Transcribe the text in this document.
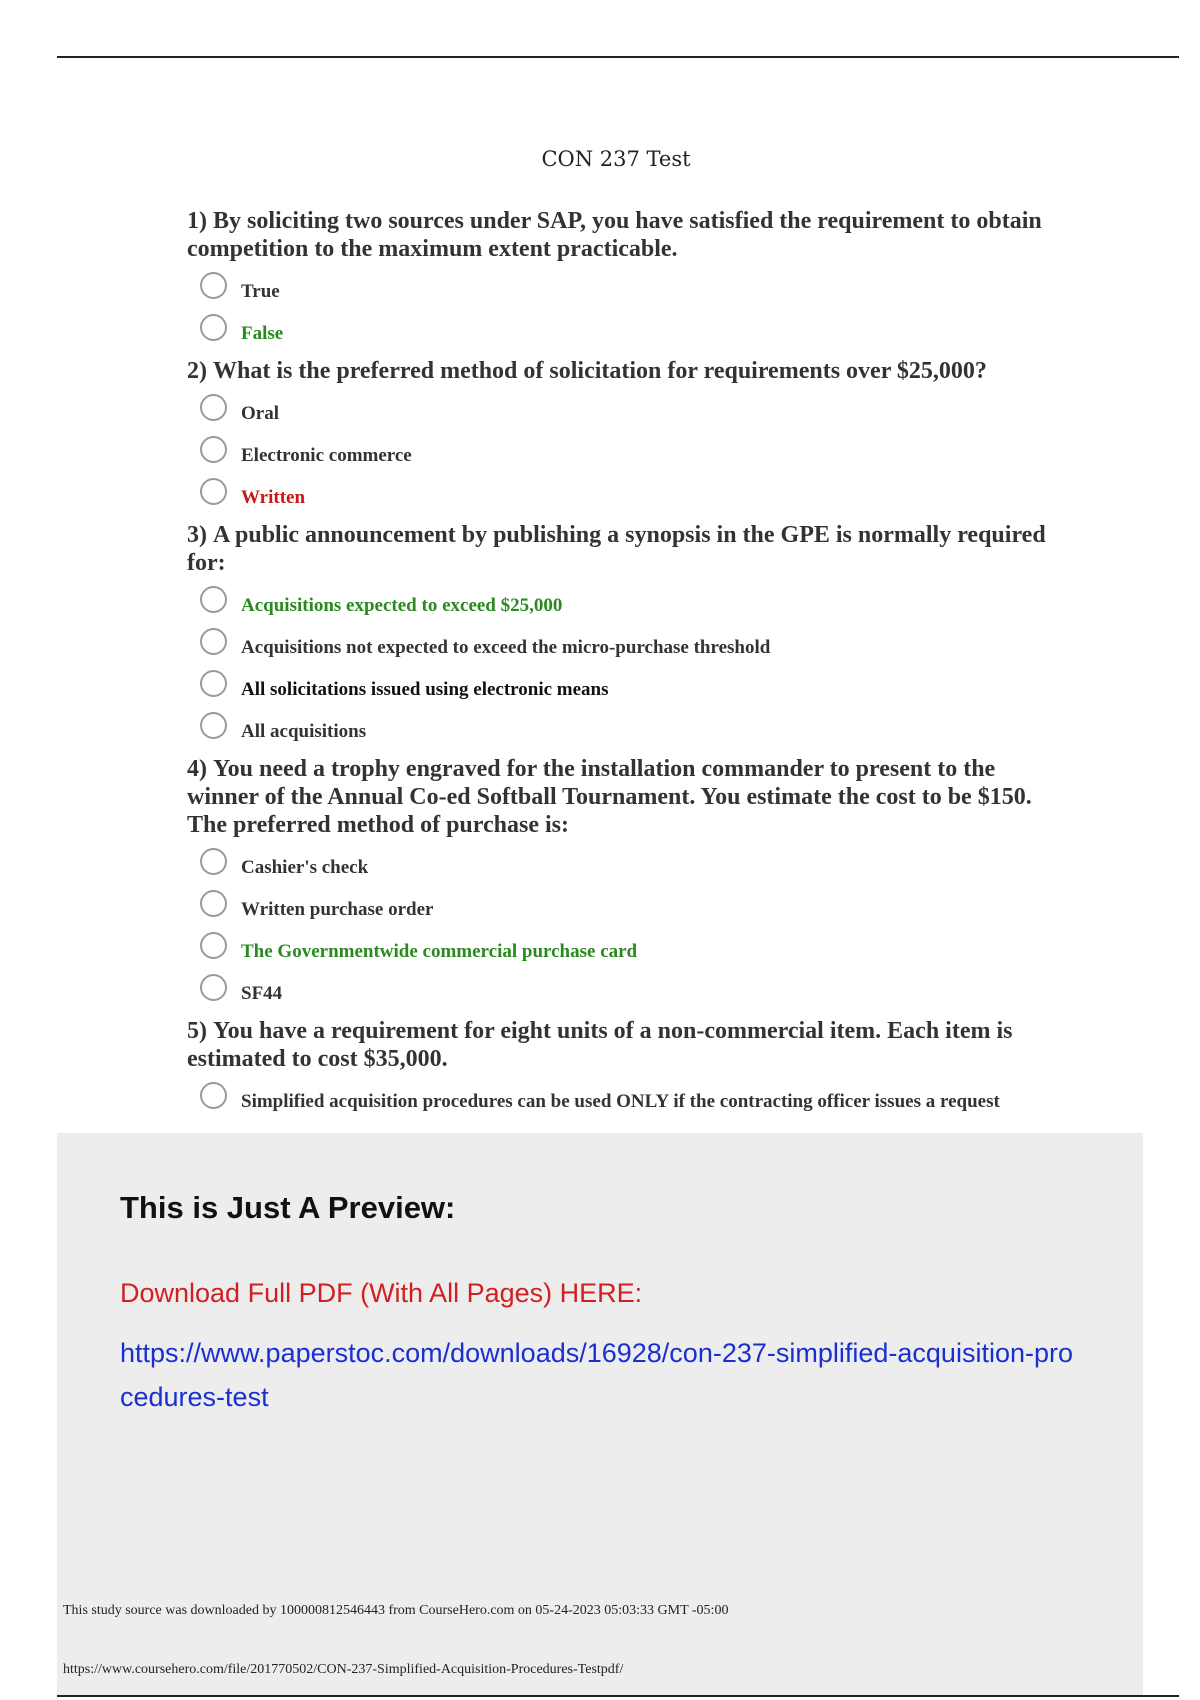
CON 237 Test
1) By soliciting two sources under SAP, you have satisfied the requirement to obtain competition to the maximum extent practicable.
True
False
2) What is the preferred method of solicitation for requirements over $25,000?
Oral
Electronic commerce
Written
3) A public announcement by publishing a synopsis in the GPE is normally required for:
Acquisitions expected to exceed $25,000
Acquisitions not expected to exceed the micro-purchase threshold
All solicitations issued using electronic means
All acquisitions
4) You need a trophy engraved for the installation commander to present to the winner of the Annual Co-ed Softball Tournament. You estimate the cost to be $150. The preferred method of purchase is:
Cashier's check
Written purchase order
The Governmentwide commercial purchase card
SF44
5) You have a requirement for eight units of a non-commercial item. Each item is estimated to cost $35,000.
Simplified acquisition procedures can be used ONLY if the contracting officer issues a request
This is Just A Preview:
Download Full PDF (With All Pages) HERE:
https://www.paperstoc.com/downloads/16928/con-237-simplified-acquisition-procedures-test
This study source was downloaded by 100000812546443 from CourseHero.com on 05-24-2023 05:03:33 GMT -05:00
https://www.coursehero.com/file/201770502/CON-237-Simplified-Acquisition-Procedures-Testpdf/
